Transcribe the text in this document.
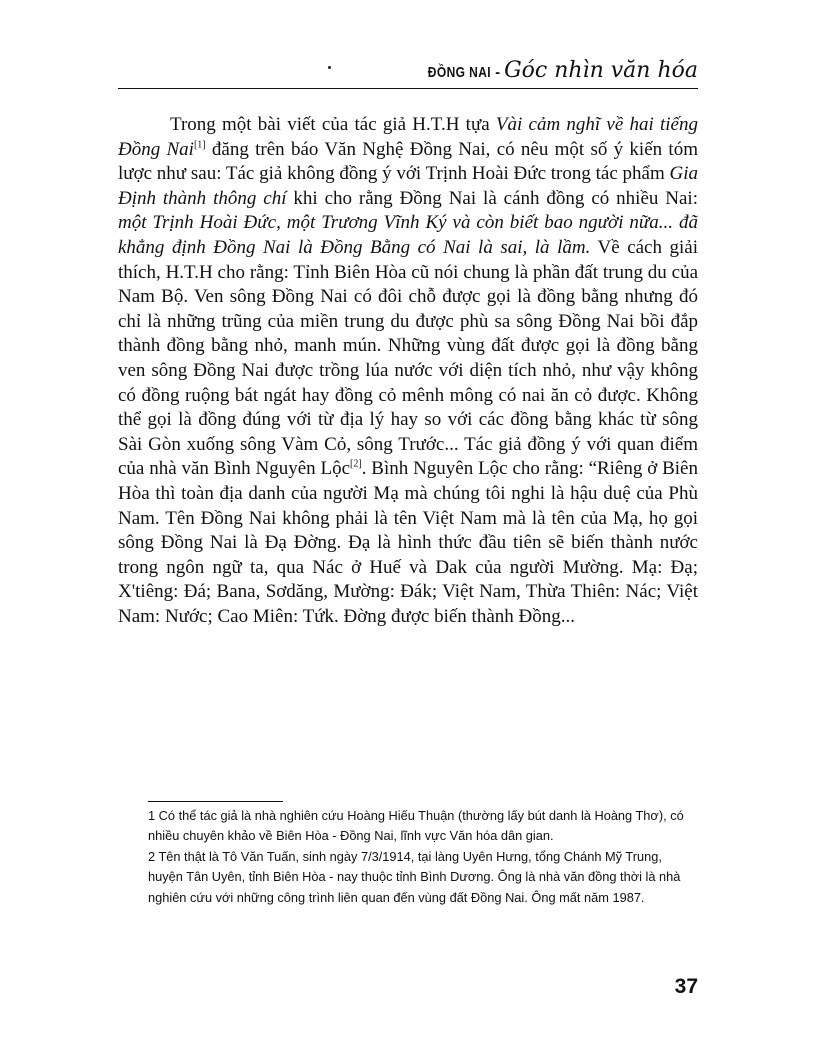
ĐỒNG NAI - Góc nhìn văn hóa

Trong một bài viết của tác giả H.T.H tựa Vài cảm nghĩ về hai tiếng Đồng Nai[1] đăng trên báo Văn Nghệ Đồng Nai, có nêu một số ý kiến tóm lược như sau: Tác giả không đồng ý với Trịnh Hoài Đức trong tác phẩm Gia Định thành thông chí khi cho rằng Đồng Nai là cánh đồng có nhiều Nai: một Trịnh Hoài Đức, một Trương Vĩnh Ký và còn biết bao người nữa... đã khẳng định Đồng Nai là Đồng Bằng có Nai là sai, là lầm. Về cách giải thích, H.T.H cho rằng: Tỉnh Biên Hòa cũ nói chung là phần đất trung du của Nam Bộ. Ven sông Đồng Nai có đôi chỗ được gọi là đồng bằng nhưng đó chỉ là những trũng của miền trung du được phù sa sông Đồng Nai bồi đắp thành đồng bằng nhỏ, manh mún. Những vùng đất được gọi là đồng bằng ven sông Đồng Nai được trồng lúa nước với diện tích nhỏ, như vậy không có đồng ruộng bát ngát hay đồng cỏ mênh mông có nai ăn cỏ được. Không thể gọi là đồng đúng với từ địa lý hay so với các đồng bằng khác từ sông Sài Gòn xuống sông Vàm Cỏ, sông Trước... Tác giả đồng ý với quan điểm của nhà văn Bình Nguyên Lộc[2]. Bình Nguyên Lộc cho rằng: “Riêng ở Biên Hòa thì toàn địa danh của người Mạ mà chúng tôi nghi là hậu duệ của Phù Nam. Tên Đồng Nai không phải là tên Việt Nam mà là tên của Mạ, họ gọi sông Đồng Nai là Đạ Đờng. Đạ là hình thức đầu tiên sẽ biến thành nước trong ngôn ngữ ta, qua Nác ở Huế và Dak của người Mường. Mạ: Đạ; X'tiêng: Đá; Bana, Sơdăng, Mường: Đák; Việt Nam, Thừa Thiên: Nác; Việt Nam: Nước; Cao Miên: Tứk. Đờng được biến thành Đồng...

1 Có thể tác giả là nhà nghiên cứu Hoàng Hiếu Thuận (thường lấy bút danh là Hoàng Thơ), có nhiều chuyên khảo về Biên Hòa - Đồng Nai, lĩnh vực Văn hóa dân gian.

2 Tên thật là Tô Văn Tuấn, sinh ngày 7/3/1914, tại làng Uyên Hưng, tổng Chánh Mỹ Trung, huyện Tân Uyên, tỉnh Biên Hòa - nay thuộc tỉnh Bình Dương. Ông là nhà văn đồng thời là nhà nghiên cứu với những công trình liên quan đến vùng đất Đồng Nai. Ông mất năm 1987.

37
